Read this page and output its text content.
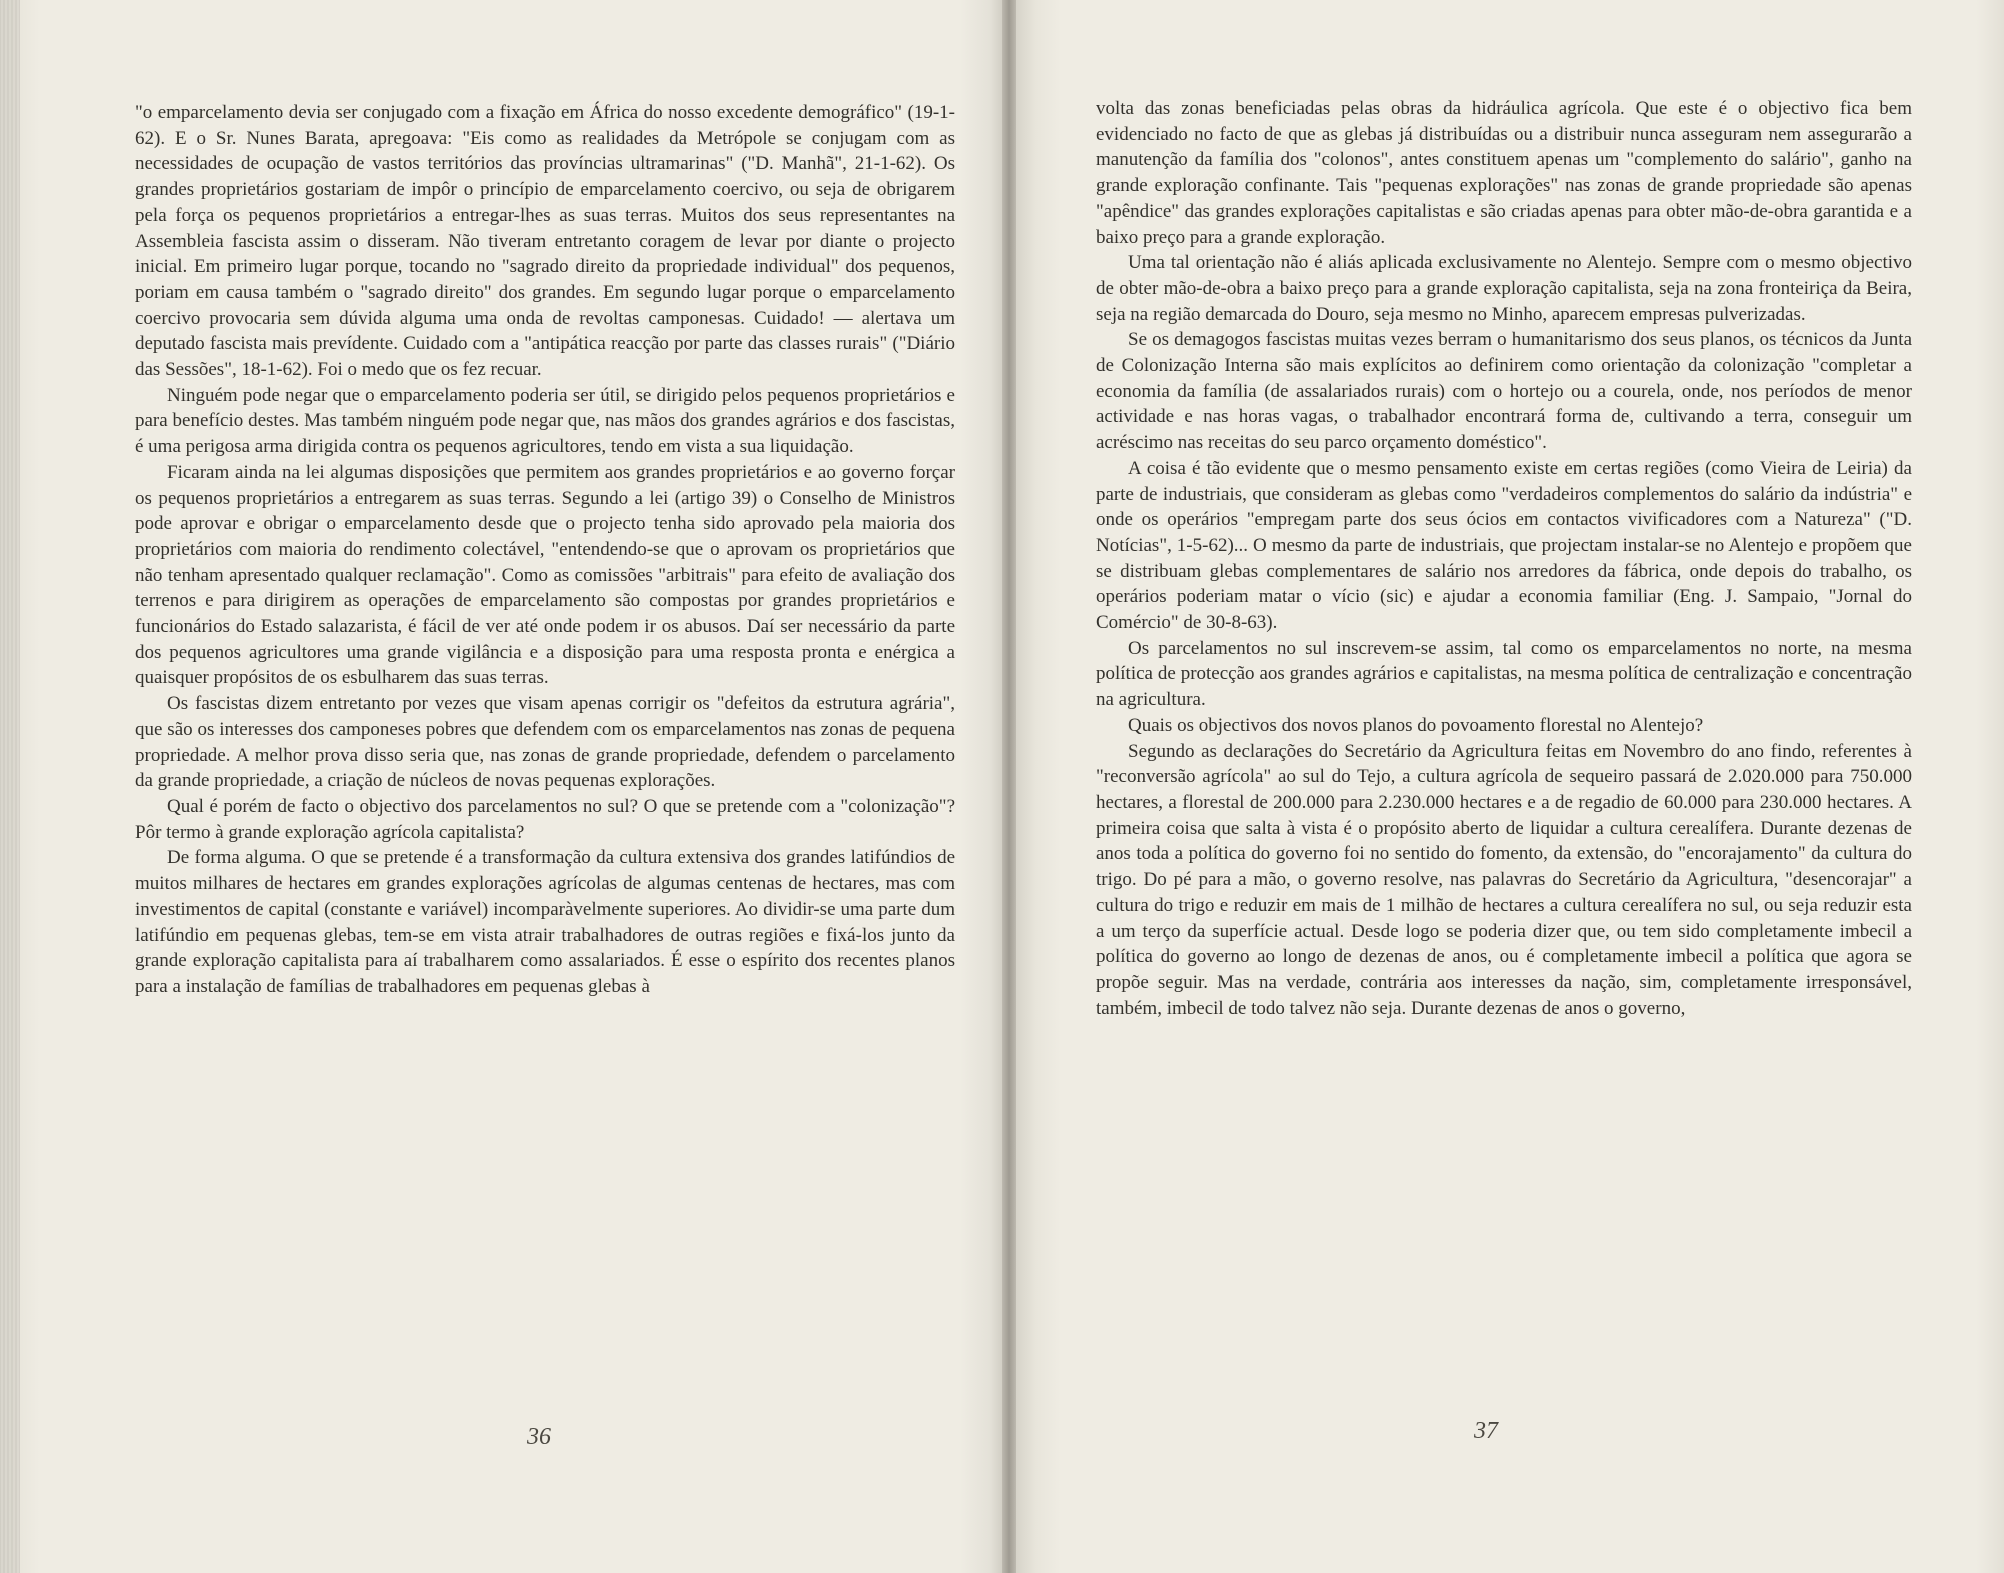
"o emparcelamento devia ser conjugado com a fixação em África do nosso excedente demográfico" (19-1-62). E o Sr. Nunes Barata, apregoava: "Eis como as realidades da Metrópole se conjugam com as necessidades de ocupação de vastos territórios das províncias ultramarinas" ("D. Manhã", 21-1-62). Os grandes proprietários gostariam de impôr o princípio de emparcelamento coercivo, ou seja de obrigarem pela força os pequenos proprietários a entregar-lhes as suas terras. Muitos dos seus representantes na Assembleia fascista assim o disseram. Não tiveram entretanto coragem de levar por diante o projecto inicial. Em primeiro lugar porque, tocando no "sagrado direito da propriedade individual" dos pequenos, poriam em causa também o "sagrado direito" dos grandes. Em segundo lugar porque o emparcelamento coercivo provocaria sem dúvida alguma uma onda de revoltas camponesas. Cuidado! — alertava um deputado fascista mais prevídente. Cuidado com a "antipática reacção por parte das classes rurais" ("Diário das Sessões", 18-1-62). Foi o medo que os fez recuar.

Ninguém pode negar que o emparcelamento poderia ser útil, se dirigido pelos pequenos proprietários e para benefício destes. Mas também ninguém pode negar que, nas mãos dos grandes agrários e dos fascistas, é uma perigosa arma dirigida contra os pequenos agricultores, tendo em vista a sua liquidação.

Ficaram ainda na lei algumas disposições que permitem aos grandes proprietários e ao governo forçar os pequenos proprietários a entregarem as suas terras. Segundo a lei (artigo 39) o Conselho de Ministros pode aprovar e obrigar o emparcelamento desde que o projecto tenha sido aprovado pela maioria dos proprietários com maioria do rendimento colectável, "entendendo-se que o aprovam os proprietários que não tenham apresentado qualquer reclamação". Como as comissões "arbitrais" para efeito de avaliação dos terrenos e para dirigirem as operações de emparcelamento são compostas por grandes proprietários e funcionários do Estado salazarista, é fácil de ver até onde podem ir os abusos. Daí ser necessário da parte dos pequenos agricultores uma grande vigilância e a disposição para uma resposta pronta e enérgica a quaisquer propósitos de os esbulharem das suas terras.

Os fascistas dizem entretanto por vezes que visam apenas corrigir os "defeitos da estrutura agrária", que são os interesses dos camponeses pobres que defendem com os emparcelamentos nas zonas de pequena propriedade. A melhor prova disso seria que, nas zonas de grande propriedade, defendem o parcelamento da grande propriedade, a criação de núcleos de novas pequenas explorações.

Qual é porém de facto o objectivo dos parcelamentos no sul? O que se pretende com a "colonização"? Pôr termo à grande exploração agrícola capitalista?

De forma alguma. O que se pretende é a transformação da cultura extensiva dos grandes latifúndios de muitos milhares de hectares em grandes explorações agrícolas de algumas centenas de hectares, mas com investimentos de capital (constante e variável) incomparàvelmente superiores. Ao dividir-se uma parte dum latifúndio em pequenas glebas, tem-se em vista atrair trabalhadores de outras regiões e fixá-los junto da grande exploração capitalista para aí trabalharem como assalariados. É esse o espírito dos recentes planos para a instalação de famílias de trabalhadores em pequenas glebas à

36

volta das zonas beneficiadas pelas obras da hidráulica agrícola. Que este é o objectivo fica bem evidenciado no facto de que as glebas já distribuídas ou a distribuir nunca asseguram nem assegurarão a manutenção da família dos "colonos", antes constituem apenas um "complemento do salário", ganho na grande exploração confinante. Tais "pequenas explorações" nas zonas de grande propriedade são apenas "apêndice" das grandes explorações capitalistas e são criadas apenas para obter mão-de-obra garantida e a baixo preço para a grande exploração.

Uma tal orientação não é aliás aplicada exclusivamente no Alentejo. Sempre com o mesmo objectivo de obter mão-de-obra a baixo preço para a grande exploração capitalista, seja na zona fronteiriça da Beira, seja na região demarcada do Douro, seja mesmo no Minho, aparecem empresas pulverizadas.

Se os demagogos fascistas muitas vezes berram o humanitarismo dos seus planos, os técnicos da Junta de Colonização Interna são mais explícitos ao definirem como orientação da colonização "completar a economia da família (de assalariados rurais) com o hortejo ou a courela, onde, nos períodos de menor actividade e nas horas vagas, o trabalhador encontrará forma de, cultivando a terra, conseguir um acréscimo nas receitas do seu parco orçamento doméstico".

A coisa é tão evidente que o mesmo pensamento existe em certas regiões (como Vieira de Leiria) da parte de industriais, que consideram as glebas como "verdadeiros complementos do salário da indústria" e onde os operários "empregam parte dos seus ócios em contactos vivificadores com a Natureza" ("D. Notícias", 1-5-62)... O mesmo da parte de industriais, que projectam instalar-se no Alentejo e propõem que se distribuam glebas complementares de salário nos arredores da fábrica, onde depois do trabalho, os operários poderiam matar o vício (sic) e ajudar a economia familiar (Eng. J. Sampaio, "Jornal do Comércio" de 30-8-63).

Os parcelamentos no sul inscrevem-se assim, tal como os emparcelamentos no norte, na mesma política de protecção aos grandes agrários e capitalistas, na mesma política de centralização e concentração na agricultura.

Quais os objectivos dos novos planos do povoamento florestal no Alentejo?

Segundo as declarações do Secretário da Agricultura feitas em Novembro do ano findo, referentes à "reconversão agrícola" ao sul do Tejo, a cultura agrícola de sequeiro passará de 2.020.000 para 750.000 hectares, a florestal de 200.000 para 2.230.000 hectares e a de regadio de 60.000 para 230.000 hectares. A primeira coisa que salta à vista é o propósito aberto de liquidar a cultura cerealífera. Durante dezenas de anos toda a política do governo foi no sentido do fomento, da extensão, do "encorajamento" da cultura do trigo. Do pé para a mão, o governo resolve, nas palavras do Secretário da Agricultura, "desencorajar" a cultura do trigo e reduzir em mais de 1 milhão de hectares a cultura cerealífera no sul, ou seja reduzir esta a um terço da superfície actual. Desde logo se poderia dizer que, ou tem sido completamente imbecil a política do governo ao longo de dezenas de anos, ou é completamente imbecil a política que agora se propõe seguir. Mas na verdade, contrária aos interesses da nação, sim, completamente irresponsável, também, imbecil de todo talvez não seja. Durante dezenas de anos o governo,

37
